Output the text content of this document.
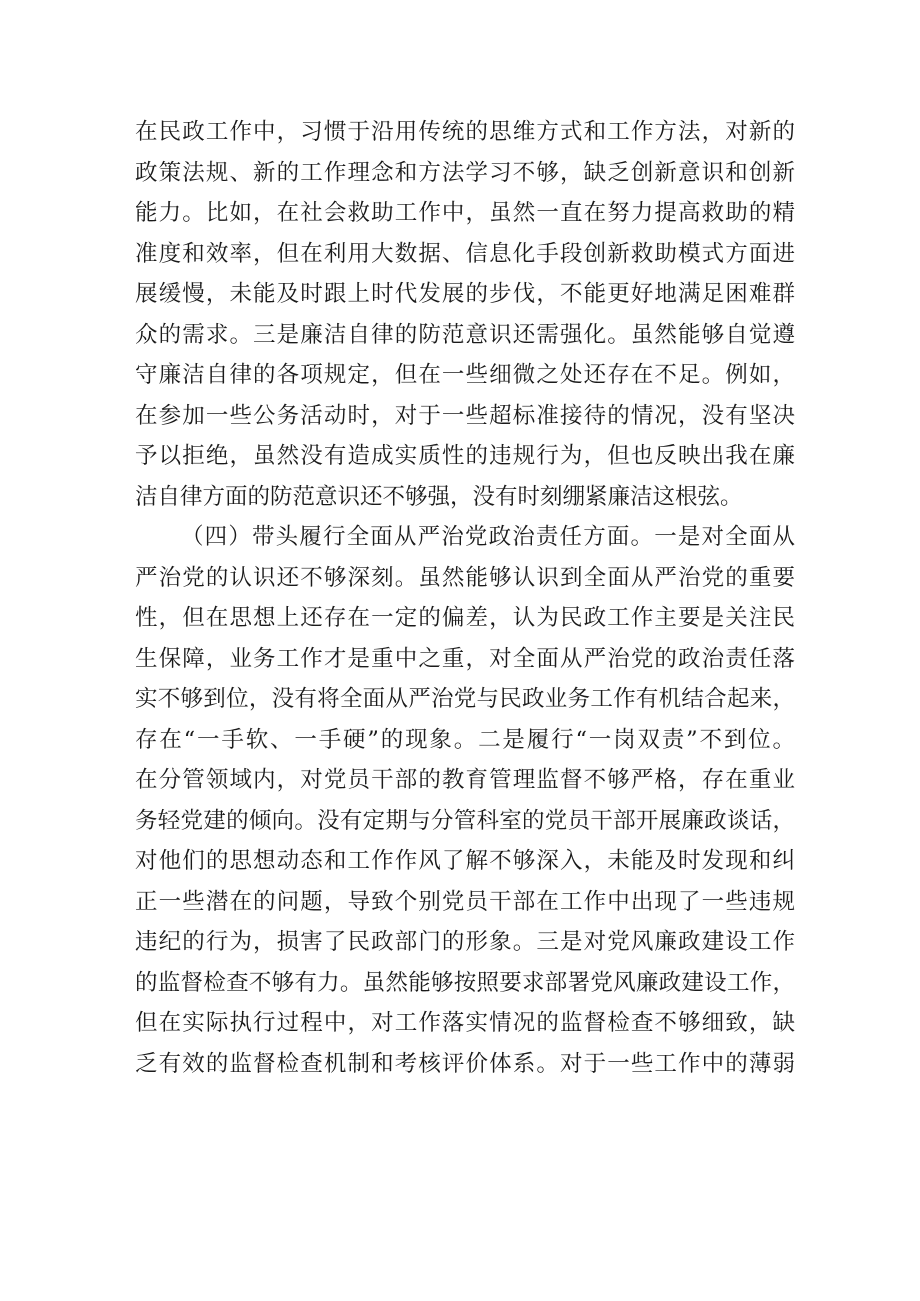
在民政工作中，习惯于沿用传统的思维方式和工作方法，对新的
政策法规、新的工作理念和方法学习不够，缺乏创新意识和创新
能力。比如，在社会救助工作中，虽然一直在努力提高救助的精
准度和效率，但在利用大数据、信息化手段创新救助模式方面进
展缓慢，未能及时跟上时代发展的步伐，不能更好地满足困难群
众的需求。三是廉洁自律的防范意识还需强化。虽然能够自觉遵
守廉洁自律的各项规定，但在一些细微之处还存在不足。例如，
在参加一些公务活动时，对于一些超标准接待的情况，没有坚决
予以拒绝，虽然没有造成实质性的违规行为，但也反映出我在廉
洁自律方面的防范意识还不够强，没有时刻绷紧廉洁这根弦。
（四）带头履行全面从严治党政治责任方面。一是对全面从
严治党的认识还不够深刻。虽然能够认识到全面从严治党的重要
性，但在思想上还存在一定的偏差，认为民政工作主要是关注民
生保障，业务工作才是重中之重，对全面从严治党的政治责任落
实不够到位，没有将全面从严治党与民政业务工作有机结合起来，
存在“一手软、一手硬”的现象。二是履行“一岗双责”不到位。
在分管领域内，对党员干部的教育管理监督不够严格，存在重业
务轻党建的倾向。没有定期与分管科室的党员干部开展廉政谈话，
对他们的思想动态和工作作风了解不够深入，未能及时发现和纠
正一些潜在的问题，导致个别党员干部在工作中出现了一些违规
违纪的行为，损害了民政部门的形象。三是对党风廉政建设工作
的监督检查不够有力。虽然能够按照要求部署党风廉政建设工作，
但在实际执行过程中，对工作落实情况的监督检查不够细致，缺
乏有效的监督检查机制和考核评价体系。对于一些工作中的薄弱
